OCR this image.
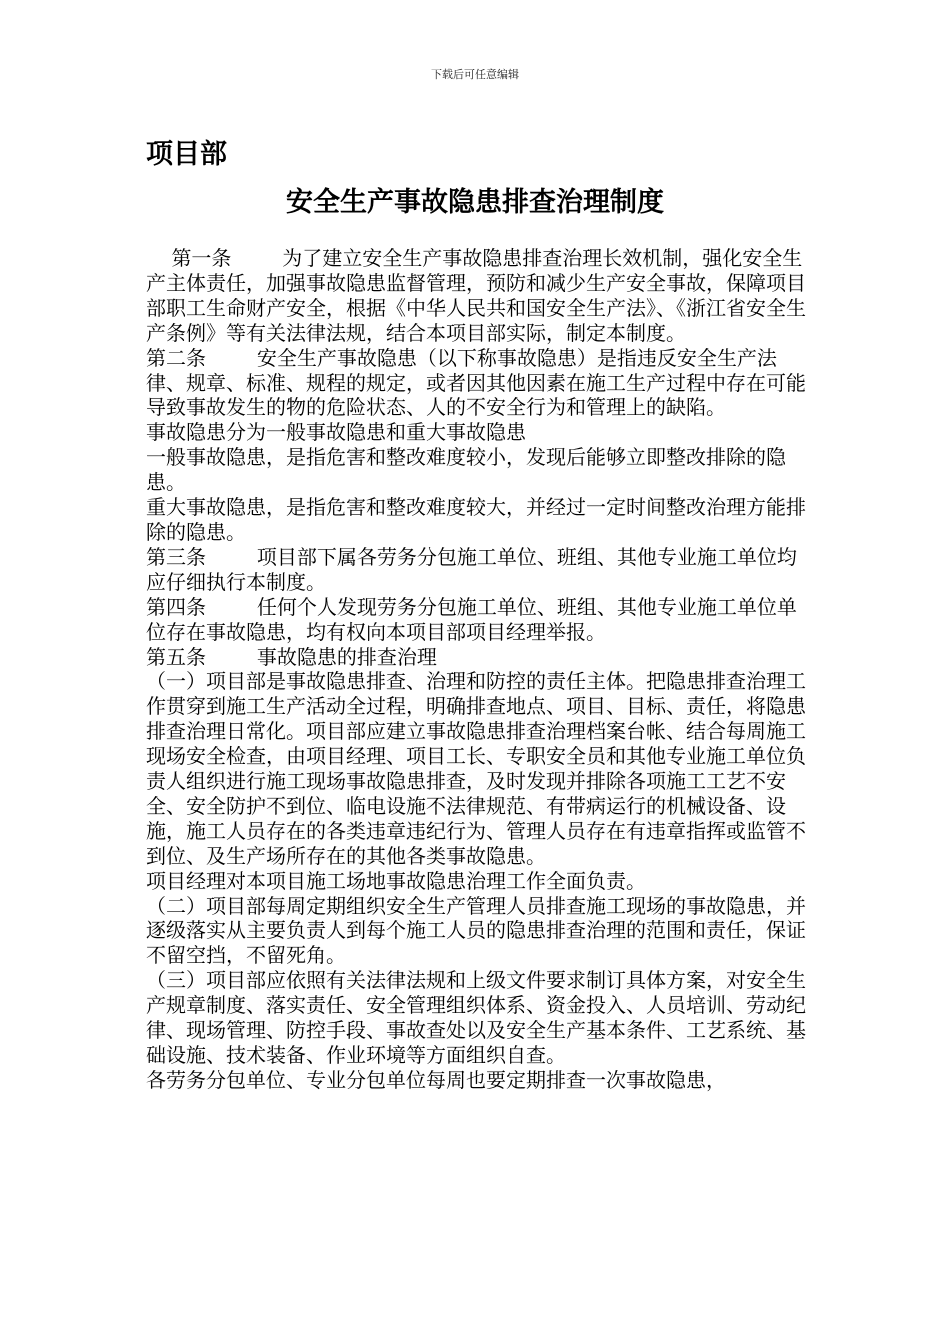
下载后可任意编辑
项目部
安全生产事故隐患排查治理制度

第一条        为了建立安全生产事故隐患排查治理长效机制，强化安全生

产主体责任，加强事故隐患监督管理，预防和减少生产安全事故，保障项目部职工生命财产安全，根据《中华人民共和国安全生产法》、《浙江省安全生产条例》等有关法律法规，结合本项目部实际，制定本制度。

第二条        安全生产事故隐患（以下称事故隐患）是指违反安全生产法律、规章、标准、规程的规定，或者因其他因素在施工生产过程中存在可能导致事故发生的物的危险状态、人的不安全行为和管理上的缺陷。

事故隐患分为一般事故隐患和重大事故隐患

一般事故隐患，是指危害和整改难度较小，发现后能够立即整改排除的隐患。

重大事故隐患，是指危害和整改难度较大，并经过一定时间整改治理方能排除的隐患。

第三条        项目部下属各劳务分包施工单位、班组、其他专业施工单位均应仔细执行本制度。

第四条        任何个人发现劳务分包施工单位、班组、其他专业施工单位单位存在事故隐患，均有权向本项目部项目经理举报。

第五条        事故隐患的排查治理

（一）项目部是事故隐患排查、治理和防控的责任主体。把隐患排查治理工作贯穿到施工生产活动全过程，明确排查地点、项目、目标、责任，将隐患排查治理日常化。项目部应建立事故隐患排查治理档案台帐、结合每周施工现场安全检查，由项目经理、项目工长、专职安全员和其他专业施工单位负责人组织进行施工现场事故隐患排查，及时发现并排除各项施工工艺不安全、安全防护不到位、临电设施不法律规范、有带病运行的机械设备、设施，施工人员存在的各类违章违纪行为、管理人员存在有违章指挥或监管不到位、及生产场所存在的其他各类事故隐患。

项目经理对本项目施工场地事故隐患治理工作全面负责。

（二）项目部每周定期组织安全生产管理人员排查施工现场的事故隐患，并逐级落实从主要负责人到每个施工人员的隐患排查治理的范围和责任，保证不留空挡，不留死角。

（三）项目部应依照有关法律法规和上级文件要求制订具体方案，对安全生产规章制度、落实责任、安全管理组织体系、资金投入、人员培训、劳动纪律、现场管理、防控手段、事故查处以及安全生产基本条件、工艺系统、基础设施、技术装备、作业环境等方面组织自查。

各劳务分包单位、专业分包单位每周也要定期排查一次事故隐患，
